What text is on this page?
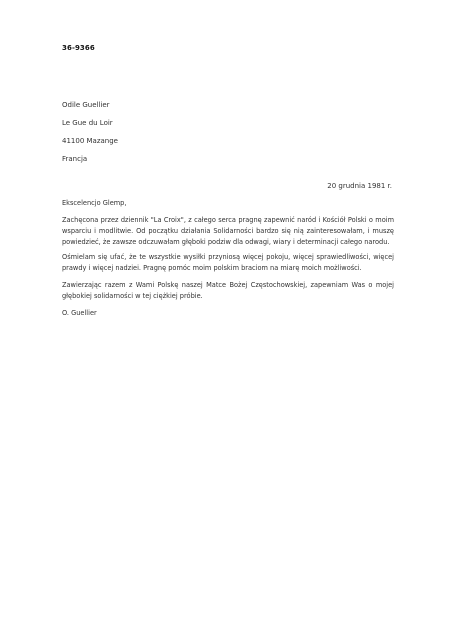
36-9366
Odile Guellier
Le Gue du Loir
41100 Mazange
Francja
20 grudnia 1981 r.
Ekscelencjo Glemp,
Zachęcona przez dziennik "La Croix", z całego serca pragnę zapewnić naród i Kościół Polski o moim wsparciu i modlitwie. Od początku działania Solidarności bardzo się nią zainteresowałam, i muszę powiedzieć, że zawsze odczuwałam głęboki podziw dla odwagi, wiary i determinacji całego narodu.
Ośmielam się ufać, że te wszystkie wysiłki przyniosą więcej pokoju, więcej sprawiedliwości, więcej prawdy i więcej nadziei. Pragnę pomóc moim polskim braciom na miarę moich możliwości.
Zawierzając razem z Wami Polskę naszej Matce Bożej Częstochowskiej, zapewniam Was o mojej głębokiej solidarności w tej ciężkiej próbie.
O. Guellier
